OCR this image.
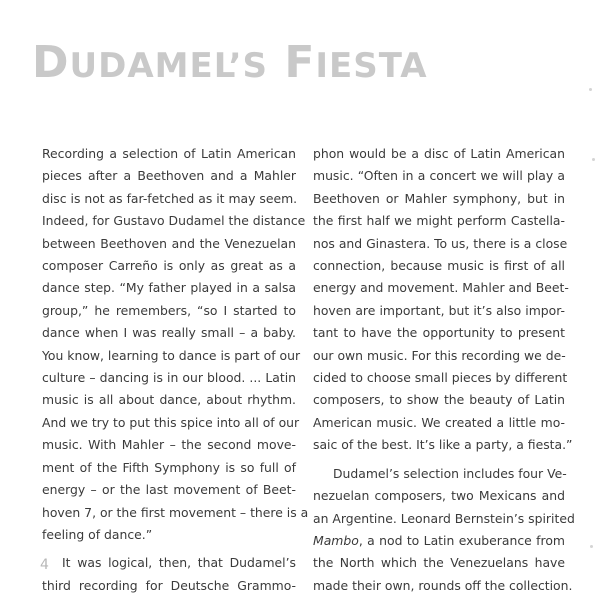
DUDAMEL’S FIESTA
Recording a selection of Latin American
pieces after a Beethoven and a Mahler
disc is not as far-fetched as it may seem.
Indeed, for Gustavo Dudamel the distance
between Beethoven and the Venezuelan
composer Carreño is only as great as a
dance step. “My father played in a salsa
group,” he remembers, “so I started to
dance when I was really small – a baby.
You know, learning to dance is part of our
culture – dancing is in our blood. ... Latin
music is all about dance, about rhythm.
And we try to put this spice into all of our
music. With Mahler – the second move-
ment of the Fifth Symphony is so full of
energy – or the last movement of Beet-
hoven 7, or the first movement – there is a
feeling of dance.”
It was logical, then, that Dudamel’s
third recording for Deutsche Grammo-
phon would be a disc of Latin American
music. “Often in a concert we will play a
Beethoven or Mahler symphony, but in
the first half we might perform Castella-
nos and Ginastera. To us, there is a close
connection, because music is first of all
energy and movement. Mahler and Beet-
hoven are important, but it’s also impor-
tant to have the opportunity to present
our own music. For this recording we de-
cided to choose small pieces by different
composers, to show the beauty of Latin
American music. We created a little mo-
saic of the best. It’s like a party, a fiesta.”
Dudamel’s selection includes four Ve-
nezuelan composers, two Mexicans and
an Argentine. Leonard Bernstein’s spirited
Mambo, a nod to Latin exuberance from
the North which the Venezuelans have
made their own, rounds off the collection.
4
